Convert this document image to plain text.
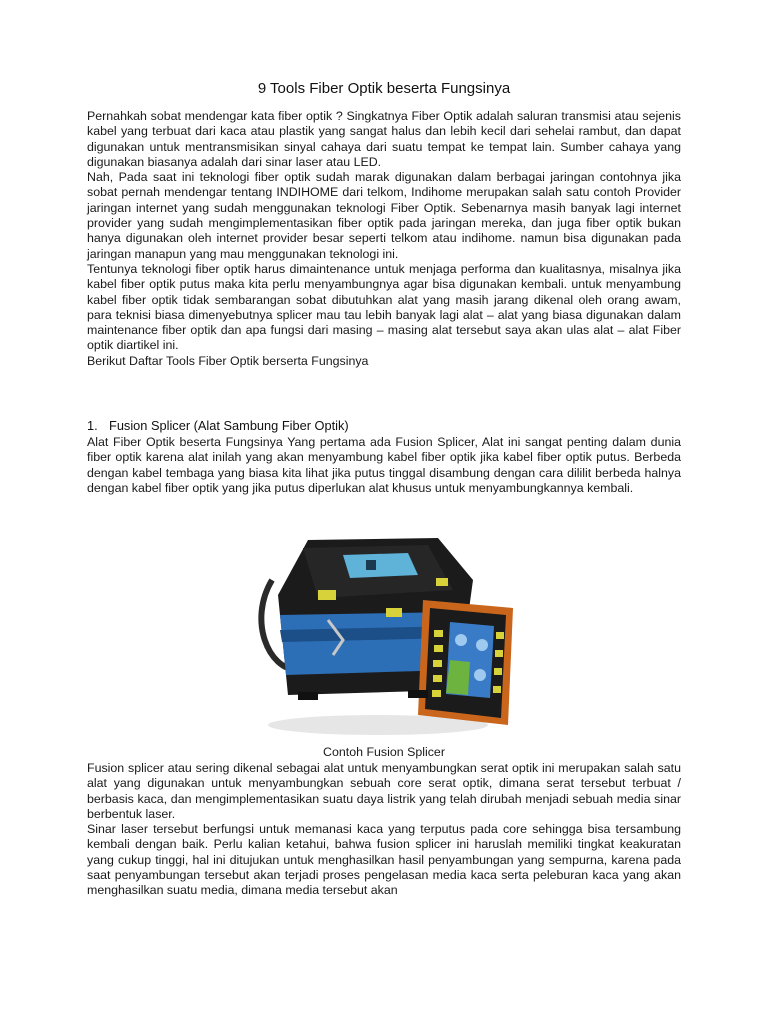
9 Tools Fiber Optik beserta Fungsinya

Pernahkah sobat mendengar kata fiber optik ? Singkatnya Fiber Optik adalah saluran transmisi atau sejenis kabel yang terbuat dari kaca atau plastik yang sangat halus dan lebih kecil dari sehelai rambut, dan dapat digunakan untuk mentransmisikan sinyal cahaya dari suatu tempat ke tempat lain. Sumber cahaya yang digunakan biasanya adalah dari sinar laser atau LED.

Nah, Pada saat ini teknologi fiber optik sudah marak digunakan dalam berbagai jaringan contohnya jika sobat pernah mendengar tentang INDIHOME dari telkom, Indihome merupakan salah satu contoh Provider jaringan internet yang sudah menggunakan teknologi Fiber Optik. Sebenarnya masih banyak lagi internet provider yang sudah mengimplementasikan fiber optik pada jaringan mereka, dan juga fiber optik bukan hanya digunakan oleh internet provider besar seperti telkom atau indihome. namun bisa digunakan pada jaringan manapun yang mau menggunakan teknologi ini.

Tentunya teknologi fiber optik harus dimaintenance untuk menjaga performa dan kualitasnya, misalnya jika kabel fiber optik putus maka kita perlu menyambungnya agar bisa digunakan kembali. untuk menyambung kabel fiber optik tidak sembarangan sobat dibutuhkan alat yang masih jarang dikenal oleh orang awam, para teknisi biasa dimenyebutnya splicer mau tau lebih banyak lagi alat – alat yang biasa digunakan dalam maintenance fiber optik dan apa fungsi dari masing – masing alat tersebut saya akan ulas alat – alat Fiber optik diartikel ini.

Berikut Daftar Tools Fiber Optik berserta Fungsinya

1. Fusion Splicer (Alat Sambung Fiber Optik)

Alat Fiber Optik beserta Fungsinya Yang pertama ada Fusion Splicer, Alat ini sangat penting dalam dunia fiber optik karena alat inilah yang akan menyambung kabel fiber optik jika kabel fiber optik putus. Berbeda dengan kabel tembaga yang biasa kita lihat jika putus tinggal disambung dengan cara dililit berbeda halnya dengan kabel fiber optik yang jika putus diperlukan alat khusus untuk menyambungkannya kembali.

Contoh Fusion Splicer

Fusion splicer atau sering dikenal sebagai alat untuk menyambungkan serat optik ini merupakan salah satu alat yang digunakan untuk menyambungkan sebuah core serat optik, dimana serat tersebut terbuat / berbasis kaca, dan mengimplementasikan suatu daya listrik yang telah dirubah menjadi sebuah media sinar berbentuk laser.

Sinar laser tersebut berfungsi untuk memanasi kaca yang terputus pada core sehingga bisa tersambung kembali dengan baik. Perlu kalian ketahui, bahwa fusion splicer ini haruslah memiliki tingkat keakuratan yang cukup tinggi, hal ini ditujukan untuk menghasilkan hasil penyambungan yang sempurna, karena pada saat penyambungan tersebut akan terjadi proses pengelasan media kaca serta peleburan kaca yang akan menghasilkan suatu media, dimana media tersebut akan
